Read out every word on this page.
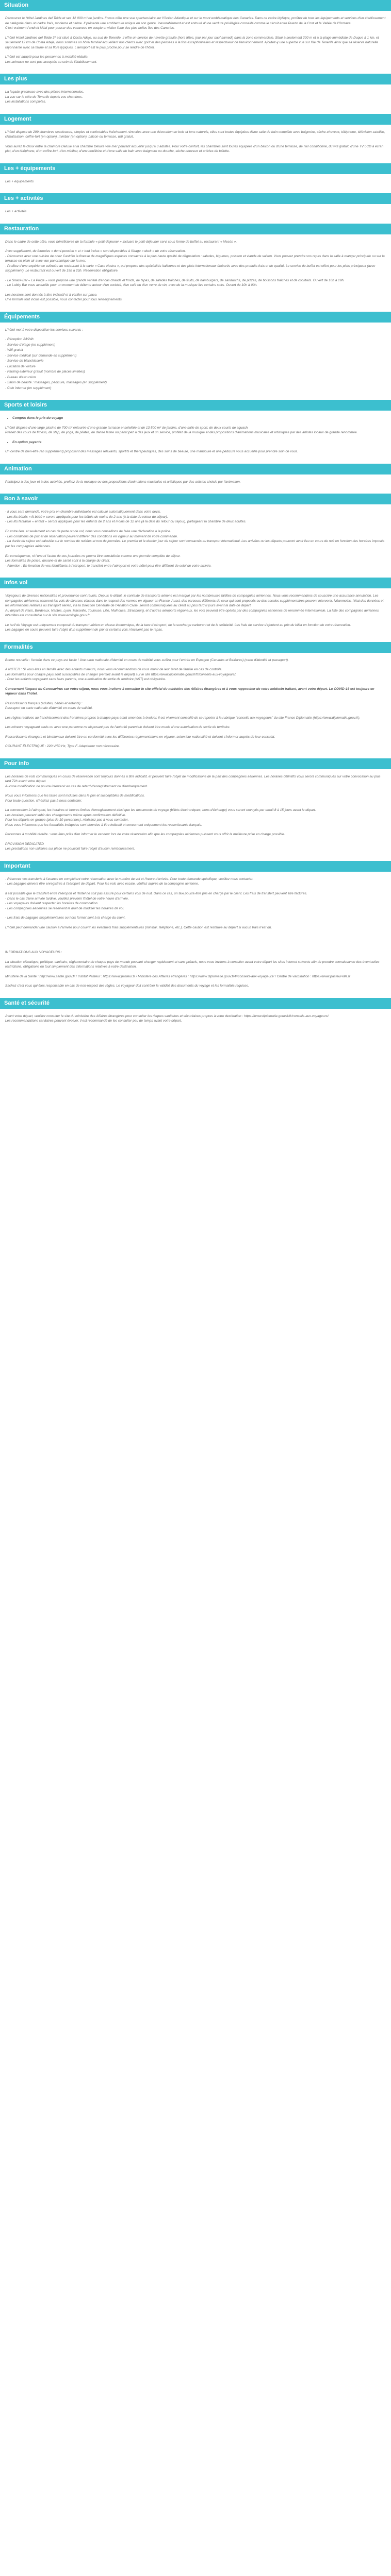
Situation

Découvrez le Hôtel Jardines del Teide et ses 12 000 m² de jardins. Il vous offre une vue spectaculaire sur l'Océan Atlantique et sur le mont emblématique des Canaries. Dans ce cadre idyllique, profitez de tous les équipements et services d'un établissement de catégorie dans un cadre frais, moderne et calme. Il présente une architecture unique en son genre. Inexorablement et est entouré d'une verdure privilégiée conseillé comme le circuit entre Puerto de la Cruz et la Vallée de l'Orotava.
C'est vraiment l'endroit idéal pour passer des vacances en couple et visiter l'une des plus belles îles des Canaries.

L'hôtel Hotel Jardines del Teide 3* est situé à Costa Adeje, au sud de Tenerife. Il offre un service de navette gratuite (hors fêtes, jour par jour sauf samedi) dans la zone commerciale. Situé à seulement 200 m et à la plage immédiate de Duque à 1 km, et seulement 12 km de Costa Adeje, nous sommes un hôtel familial accueillant nos clients avec goût et des pensées à la fois exceptionnelles et respectueux de l'environnement. Ajoutez-y une superbe vue sur l'île de Tenerife ainsi que sa réserve naturelle rayonnante avec sa faune et sa flore typiques. L'aéroport est le plus proche pour se rendre de l'hôtel.

L'hôtel est adapté pour les personnes à mobilité réduite.
Les animaux ne sont pas acceptés au sein de l'établissement.

Les plus

La façade gracieuse avec des pièces internationales.
La vue sur la côte de Tenerife depuis vos chambres.
Les installations complètes.

Logement

L'hôtel dispose de 299 chambres spacieuses, simples et confortables fraîchement rénovées avec une décoration en bois et tons naturels, elles sont toutes équipées d'une salle de bain complète avec baignoire, sèche-cheveux, téléphone, télévision satellite, climatisation, coffre-fort (en option), minibar (en option), balcon ou terrasse, wifi gratuit.

Vous aurez le choix entre la chambre Deluxe et la chambre Deluxe vue mer pouvant accueillir jusqu'à 3 adultes. Pour votre confort, les chambres sont toutes équipées d'un balcon ou d'une terrasse, de l'air conditionné, du wifi gratuit, d'une TV LCD à écran plat, d'un téléphone, d'un coffre-fort, d'un minibar, d'une bouilloire et d'une salle de bain avec baignoire ou douche, sèche-cheveux et articles de toilette.

Les + équipements

Les + équipements

Les + activités

Les + activités

Restauration

Dans le cadre de cette offre, vous bénéficierez de la formule « petit-déjeuner » incluant le petit-déjeuner servi sous forme de buffet au restaurant « Mesón ».

Avec supplément, de formules « demi-pension » et « tout inclus » sont disponibles à l'étage « deck » de votre réservation.
- Découvrez avec une cuisine de chez Castrillo la finesse de magnifiques espaces consacrés à la plus haute qualité de dégustation : salades, légumes, poisson et viande de saison. Vous pouvez prendre vos repas dans la salle à manger principale ou sur la terrasse en plein air avec vue panoramique sur la mer.
- Profitez d'une expérience culinaire au restaurant à la carte « Casa Nostra », qui propose des spécialités italiennes et des plats internationaux élaborés avec des produits frais et de qualité. Le service de buffet est offert pour les plats principaux (avec supplément). Le restaurant est ouvert de 19h à 23h. Réservation obligatoire.

- Le Snack-Bar « La Plage » vous propose une grande variété d'encas chauds et froids, de tapas, de salades fraîches, de fruits, de hamburgers, de sandwichs, de pizzas, de boissons fraîches et de cocktails. Ouvert de 10h à 19h.
- Le Lobby Bar vous accueille pour un moment de détente autour d'un cocktail, d'un café ou d'un verre de vin, avec de la musique live certains soirs. Ouvert de 10h à 00h.

Les horaires sont donnés à titre indicatif et à vérifier sur place.
Une formule tout inclus est possible, nous contacter pour tous renseignements.

Équipements

L'hôtel met à votre disposition les services suivants :

- Réception 24/24h
- Service d'étage (en supplément)
- Wifi gratuit
- Service médical (sur demande en supplément)
- Service de blanchisserie
- Location de voiture
- Parking extérieur gratuit (nombre de places limitées)
- Bureau d'excursion
- Salon de beauté : massages, pédicure, massages (en supplément)
- Coin internet (en supplément)
Sports et loisirs
• Compris dans le prix du voyage

L'hôtel dispose d'une large piscine de 700 m² entourée d'une grande terrasse ensoleillée et de 13 500 m² de jardins, d'une salle de sport, de deux courts de squash.
Prenez des cours de fitness, de step, de yoga, de pilates, de danse latine ou participez à des jeux et un service, profitez de la musique et des propositions d'animations musicales et artistiques par des artistes locaux de grande renommée.

• En option payante

Un centre de bien-être (en supplément) proposant des massages relaxants, sportifs et thérapeutiques, des soins de beauté, une manucure et une pédicure vous accueille pour prendre soin de vous.

Animation

Participez à des jeux et à des activités, profitez de la musique ou des propositions d'animations musicales et artistiques par des artistes choisis par l'animation.

Bon à savoir

- Il vous sera demandé, votre prix en chambre individuelle est calculé automatiquement dans votre devis.
- Les lits bébés « lit bébé » seront appliqués pour les bébés de moins de 2 ans (à la date du retour du séjour).
- Les lits fantaisie « enfant » seront appliqués pour les enfants de 2 ans et moins de 12 ans (à la date du retour du séjour), partageant la chambre de deux adultes.

En votre lieu, et seulement en cas de perte ou de vol, nous vous conseillons de faire une déclaration à la police.
- Les conditions de prix et de réservation peuvent différer des conditions en vigueur au moment de votre commande.
- La durée du séjour est calculée sur le nombre de nuitées et non de journées. Le premier et le dernier jour du séjour sont consacrés au transport international. Les arrivées ou les départs pourront avoir lieu en cours de nuit en fonction des horaires imposés par les compagnies aériennes.

En conséquence, ni l'une ni l'autre de ces journées ne pourra être considérée comme une journée complète de séjour.
Les formalités de police, douane et de santé sont à la charge du client.
- Attention : En fonction de vos identifiants à l'aéroport, le transfert entre l'aéroport et votre hôtel peut être différent de celui de votre arrivée.

Infos vol

Voyageurs de diverses nationalités et provenance sont réunis. Depuis le début, le contexte de transports aériens est marqué par les nombreuses faillites de compagnies aériennes. Nous vous recommandons de souscrire une assurance annulation. Les compagnies aériennes assurent les vols de diverses classes dans le respect des normes en vigueur en France. Aussi, des parcours différents de ceux qui sont proposés ou des escales supplémentaires peuvent intervenir. Néanmoins, l'état des données et les informations relatives au transport aérien, via la Direction Générale de l'Aviation Civile, seront communiquées au client au plus tard 8 jours avant la date de départ.
Au départ de Paris, Bordeaux, Nantes, Lyon, Marseille, Toulouse, Lille, Mulhouse, Strasbourg, et d'autres aéroports régionaux, les vols peuvent être opérés par des compagnies aériennes de renommée internationale. La liste des compagnies aériennes interdites est consultable sur le site www.ecologie.gouv.fr.

Le tarif de Voyage est uniquement composé du transport aérien en classe économique, de la taxe d'aéroport, de la surcharge carburant et de la solidarité. Les frais de service s'ajoutent au prix du billet en fonction de votre réservation.
Les bagages en soute peuvent faire l'objet d'un supplément de prix et certains vols n'incluent pas le repas.

Formalités

Bonne nouvelle : l'entrée dans ce pays est facile ! Une carte nationale d'identité en cours de validité vous suffira pour l'entrée en Espagne (Canaries et Baléares) (carte d'identité et passeport).

A NOTER : Si vous êtes en famille avec des enfants mineurs, nous vous recommandons de vous munir de leur livret de famille en cas de contrôle.
Les formalités pour chaque pays sont susceptibles de changer (vérifiez avant le départ) sur le site https://www.diplomatie.gouv.fr/fr/conseils-aux-voyageurs/.
- Pour les enfants voyageant sans leurs parents, une autorisation de sortie de territoire (AST) est obligatoire.

Concernant l'impact du Coronavirus sur votre séjour, nous vous invitons à consulter le site officiel du ministère des Affaires étrangères et à vous rapprocher de votre médecin traitant, avant votre départ. Le COVID-19 est toujours en vigueur dans l'hôtel.

Ressortissants français (adultes, bébés et enfants) :
Passeport ou carte nationale d'identité en cours de validité.

Les règles relatives au franchissement des frontières propres à chaque pays étant amenées à évoluer, il est vivement conseillé de se reporter à la rubrique "conseils aux voyageurs" du site France Diplomatie (https://www.diplomatie.gouv.fr).

Les mineurs voyageant seuls ou avec une personne ne disposant pas de l'autorité parentale doivent être munis d'une autorisation de sortie de territoire.

Ressortissants étrangers et binationaux doivent être en conformité avec les différentes réglementations en vigueur, selon leur nationalité et doivent s'informer auprès de leur consulat.

COURANT ÉLECTRIQUE : 220 V/50 Hz, Type F. Adaptateur non nécessaire.

Pour info

Les horaires de vols communiqués en cours de réservation sont toujours donnés à titre indicatif, et peuvent faire l'objet de modifications de la part des compagnies aériennes. Les horaires définitifs vous seront communiqués sur votre convocation au plus tard 72h avant votre départ.
Aucune modification ne pourra intervenir en cas de retard d'enregistrement ou d'embarquement.

Nous vous informons que les taxes sont incluses dans le prix et susceptibles de modifications.
Pour toute question, n'hésitez pas à nous contacter.

La convocation à l'aéroport, les horaires et heures limites d'enregistrement ainsi que les documents de voyage (billets électroniques, bons d'échange) vous seront envoyés par email 8 à 15 jours avant le départ.
Les horaires peuvent subir des changements même après confirmation définitive.
Pour les départs en groupe (plus de 10 personnes), n'hésitez pas à nous contacter.
Nous vous informons que les formalités indiquées sont données à titre indicatif et concernent uniquement les ressortissants français.

Personnes à mobilité réduite : vous êtes priés d'en informer le vendeur lors de votre réservation afin que les compagnies aériennes puissent vous offrir la meilleure prise en charge possible.

PROVISION DEDICATED
Les prestations non utilisées sur place ne pourront faire l'objet d'aucun remboursement.

Important

- Réservez vos transferts à l'avance en complétant votre réservation avec le numéro de vol et l'heure d'arrivée. Pour toute demande spécifique, veuillez nous contacter.
- Les bagages doivent être enregistrés à l'aéroport de départ. Pour les vols avec escale, vérifiez auprès de la compagnie aérienne.

Il est possible que le transfert entre l'aéroport et l'hôtel ne soit pas assuré pour certains vols de nuit. Dans ce cas, un taxi pourra être pris en charge par le client. Les frais de transfert peuvent être facturés.
- Dans le cas d'une arrivée tardive, veuillez prévenir l'hôtel de votre heure d'arrivée.
- Les voyageurs doivent respecter les horaires de convocation.
- Les compagnies aériennes se réservent le droit de modifier les horaires de vol.

- Les frais de bagages supplémentaires ou hors format sont à la charge du client.

L'hôtel peut demander une caution à l'arrivée pour couvrir les éventuels frais supplémentaires (minibar, téléphone, etc.). Cette caution est restituée au départ si aucun frais n'est dû.

INFORMATIONS AUX VOYAGEURS :

La situation climatique, politique, sanitaire, réglementaire de chaque pays de monde pouvant changer rapidement et sans préavis, nous vous invitons à consulter avant votre départ les sites internet suivants afin de prendre connaissance des éventuelles restrictions, obligations ou tout simplement des informations relatives à votre destination.

Ministère de la Santé : http://www.sante.gouv.fr / Institut Pasteur : https://www.pasteur.fr / Ministère des Affaires étrangères : https://www.diplomatie.gouv.fr/fr/conseils-aux-voyageurs/ / Centre de vaccination : https://www.pasteur-lille.fr

Sachez c'est vous qui êtes responsable en cas de non-respect des règles. Le voyageur doit contrôler la validité des documents du voyage et les formalités requises.

Santé et sécurité

Avant votre départ, veuillez consulter le site du ministère des Affaires étrangères pour consulter les risques sanitaires et sécuritaires propres à votre destination : https://www.diplomatie.gouv.fr/fr/conseils-aux-voyageurs/.
Les recommandations sanitaires peuvent évoluer, il est recommandé de les consulter peu de temps avant votre départ.
